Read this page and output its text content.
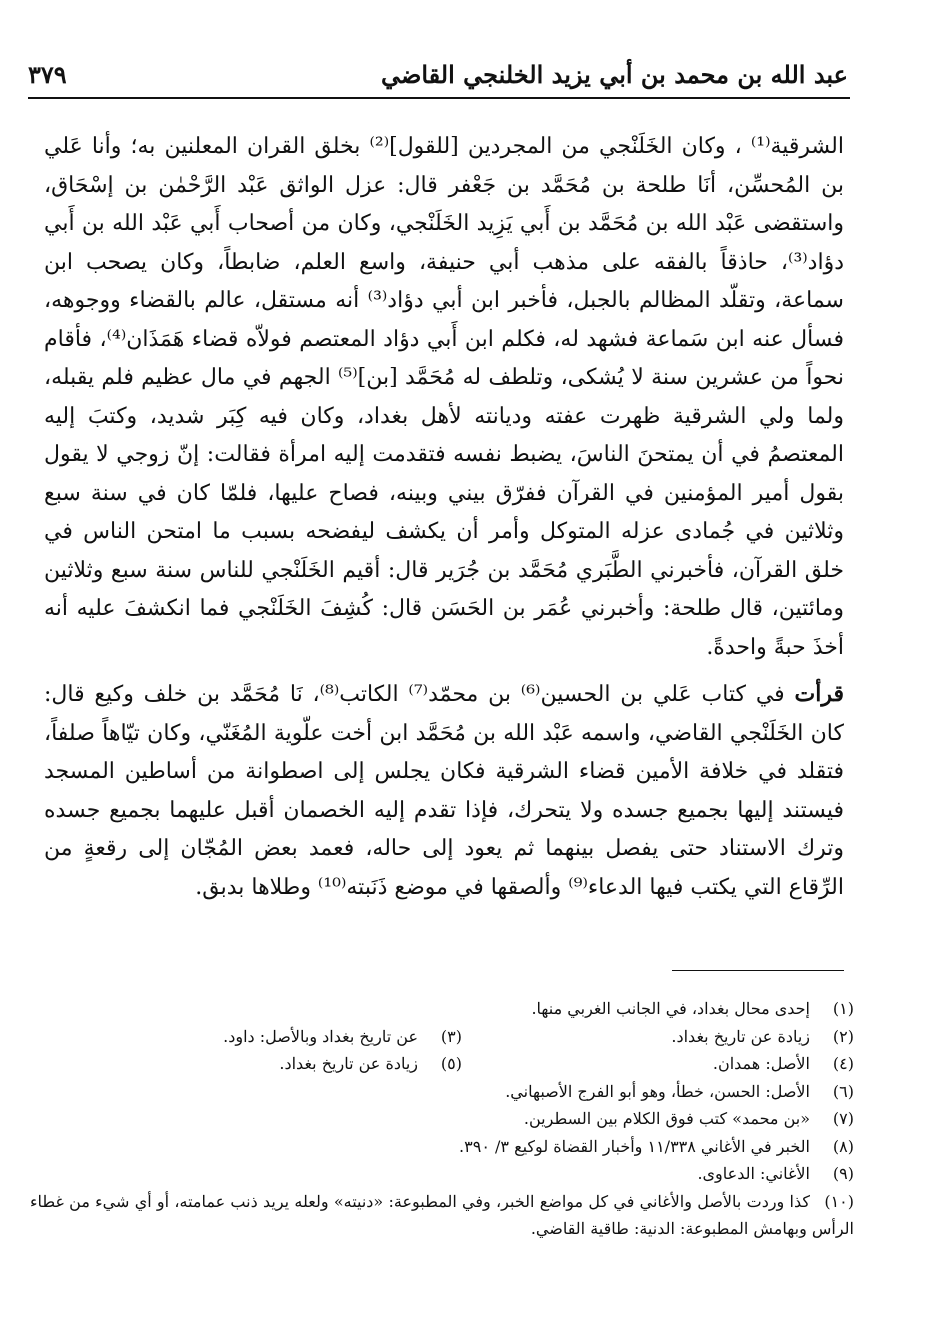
عبد الله بن محمد بن أبي يزيد الخلنجي القاضي
٣٧٩

الشرقية⁽¹⁾ ، وكان الخَلَنْجي من المجردين [للقول]⁽²⁾ بخلق القران المعلنين به؛ وأنا عَلي بن المُحسِّن، أنَا طلحة بن مُحَمَّد بن جَعْفر قال: عزل الواثق عَبْد الرَّحْمٰن بن إسْحَاق، واستقضى عَبْد الله بن مُحَمَّد بن أَبي يَزِيد الخَلَنْجي، وكان من أصحاب أَبي عَبْد الله بن أَبي دؤاد⁽³⁾، حاذقاً بالفقه على مذهب أبي حنيفة، واسع العلم، ضابطاً، وكان يصحب ابن سماعة، وتقلّد المظالم بالجبل، فأخبر ابن أبي دؤاد⁽³⁾ أنه مستقل، عالم بالقضاء ووجوهه، فسأل عنه ابن سَماعة فشهد له، فكلم ابن أَبي دؤاد المعتصم فولاّه قضاء هَمَذَان⁽⁴⁾، فأقام نحواً من عشرين سنة لا يُشكى، وتلطف له مُحَمَّد [بن]⁽⁵⁾ الجهم في مال عظيم فلم يقبله، ولما ولي الشرقية ظهرت عفته وديانته لأهل بغداد، وكان فيه كِبَر شديد، وكتبَ إليه المعتصمُ في أن يمتحنَ الناسَ، يضبط نفسه فتقدمت إليه امرأة فقالت: إنّ زوجي لا يقول بقول أمير المؤمنين في القرآن ففرّق بيني وبينه، فصاح عليها، فلمّا كان في سنة سبع وثلاثين في جُمادى عزله المتوكل وأمر أن يكشف ليفضحه بسبب ما امتحن الناس في خلق القرآن، فأخبرني الطَّبَري مُحَمَّد بن جُرَير قال: أقيم الخَلَنْجي للناس سنة سبع وثلاثين ومائتين، قال طلحة: وأخبرني عُمَر بن الحَسَن قال: كُشِفَ الخَلَنْجي فما انكشفَ عليه أنه أخذَ حبةً واحدةً.

قرأت في كتاب عَلي بن الحسين⁽⁶⁾ بن محمّد⁽⁷⁾ الكاتب⁽⁸⁾، نَا مُحَمَّد بن خلف وكيع قال: كان الخَلَنْجي القاضي، واسمه عَبْد الله بن مُحَمَّد ابن أخت علّوية المُغَنّي، وكان تيّاهاً صلفاً، فتقلد في خلافة الأمين قضاء الشرقية فكان يجلس إلى اصطوانة من أساطين المسجد فيستند إليها بجميع جسده ولا يتحرك، فإذا تقدم إليه الخصمان أقبل عليهما بجميع جسده وترك الاستناد حتى يفصل بينهما ثم يعود إلى حاله، فعمد بعض المُجّان إلى رقعةٍ من الرِّقاع التي يكتب فيها الدعاء⁽⁹⁾ وألصقها في موضع ذَنَبته⁽¹⁰⁾ وطلاها بدبق.

(١)
إحدى محال بغداد، في الجانب الغربي منها.
(٢)
زيادة عن تاريخ بغداد.
(٣)
عن تاريخ بغداد وبالأصل: داود.
(٤)
الأصل: همدان.
(٥)
زيادة عن تاريخ بغداد.
(٦)
الأصل: الحسن، خطأ، وهو أبو الفرج الأصبهاني.
(٧)
«بن محمد» كتب فوق الكلام بين السطرين.
(٨)
الخبر في الأغاني ١١/٣٣٨ وأخبار القضاة لوكيع ٣/ ٣٩٠.
(٩)
الأغاني: الدعاوى.
(١٠)
كذا وردت بالأصل والأغاني في كل مواضع الخبر، وفي المطبوعة: «دنيته» ولعله يريد ذنب عمامته، أو أي شيء من غطاء الرأس وبهامش المطبوعة: الدنية: طاقية القاضي.
